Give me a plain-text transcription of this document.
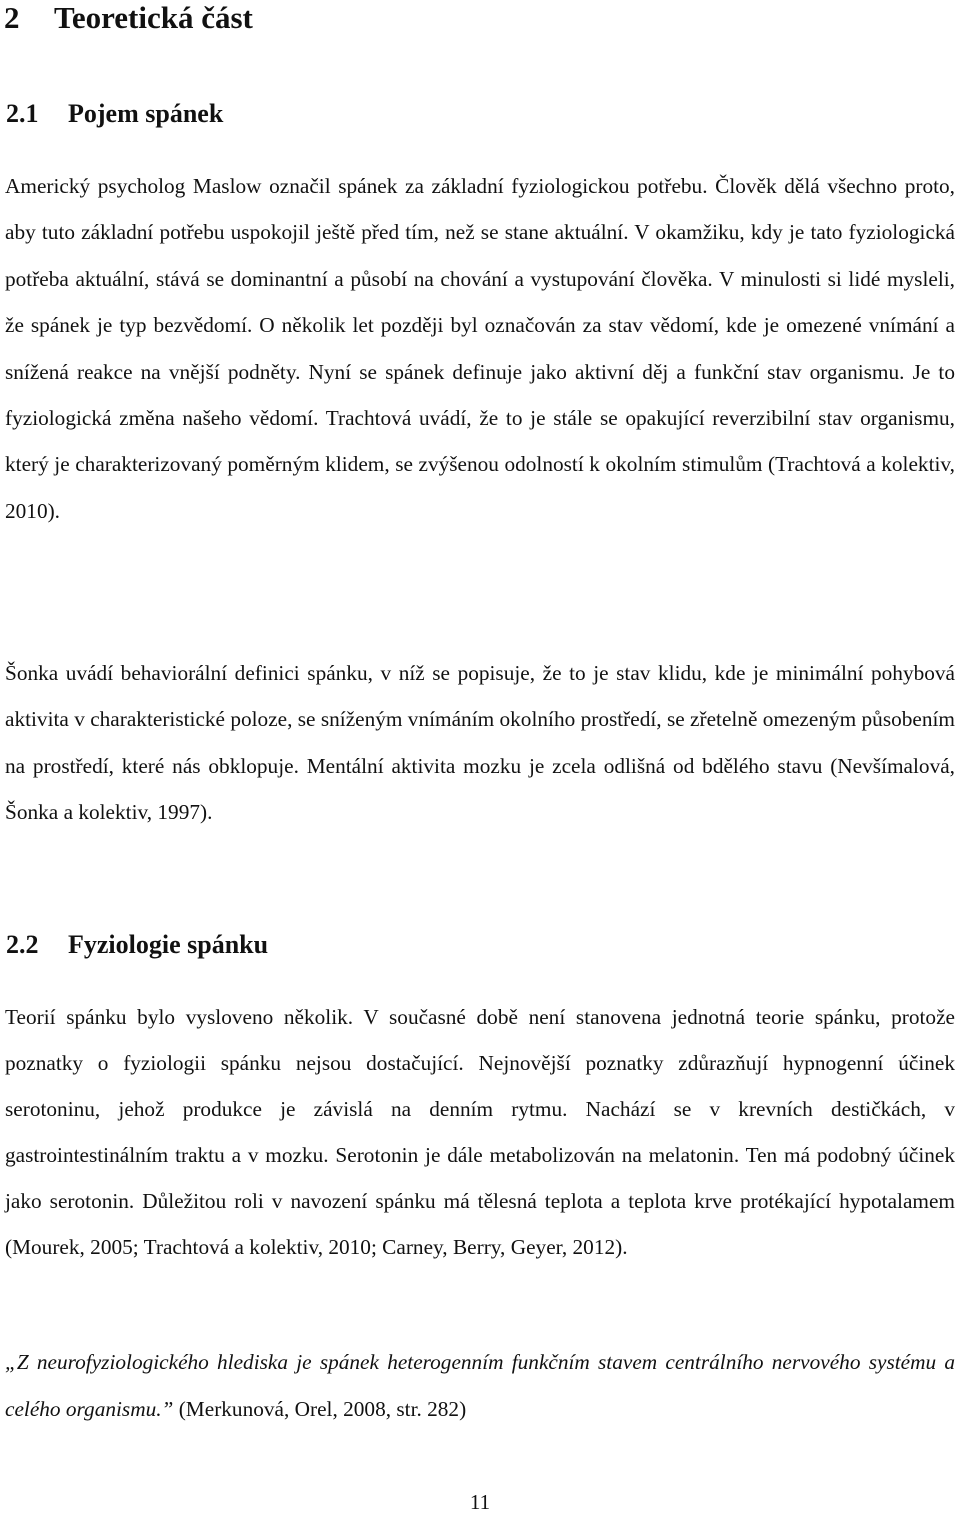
2 Teoretická část
2.1 Pojem spánek

Americký psycholog Maslow označil spánek za základní fyziologickou potřebu. Člověk dělá všechno proto, aby tuto základní potřebu uspokojil ještě před tím, než se stane aktuální. V okamžiku, kdy je tato fyziologická potřeba aktuální, stává se dominantní a působí na chování a vystupování člověka. V minulosti si lidé mysleli, že spánek je typ bezvědomí. O několik let později byl označován za stav vědomí, kde je omezené vnímání a snížená reakce na vnější podněty. Nyní se spánek definuje jako aktivní děj a funkční stav organismu. Je to fyziologická změna našeho vědomí. Trachtová uvádí, že to je stále se opakující reverzibilní stav organismu, který je charakterizovaný poměrným klidem, se zvýšenou odolností k okolním stimulům (Trachtová a kolektiv, 2010).

Šonka uvádí behaviorální definici spánku, v níž se popisuje, že to je stav klidu, kde je minimální pohybová aktivita v charakteristické poloze, se sníženým vnímáním okolního prostředí, se zřetelně omezeným působením na prostředí, které nás obklopuje. Mentální aktivita mozku je zcela odlišná od bdělého stavu (Nevšímalová, Šonka a kolektiv, 1997).

2.2 Fyziologie spánku

Teorií spánku bylo vysloveno několik. V současné době není stanovena jednotná teorie spánku, protože poznatky o fyziologii spánku nejsou dostačující. Nejnovější poznatky zdůrazňují hypnogenní účinek serotoninu, jehož produkce je závislá na denním rytmu. Nachází se v krevních destičkách, v gastrointestinálním traktu a v mozku. Serotonin je dále metabolizován na melatonin. Ten má podobný účinek jako serotonin. Důležitou roli v navození spánku má tělesná teplota a teplota krve protékající hypotalamem (Mourek, 2005; Trachtová a kolektiv, 2010; Carney, Berry, Geyer, 2012).

„Z neurofyziologického hlediska je spánek heterogenním funkčním stavem centrálního nervového systému a celého organismu.” (Merkunová, Orel, 2008, str. 282)

11
